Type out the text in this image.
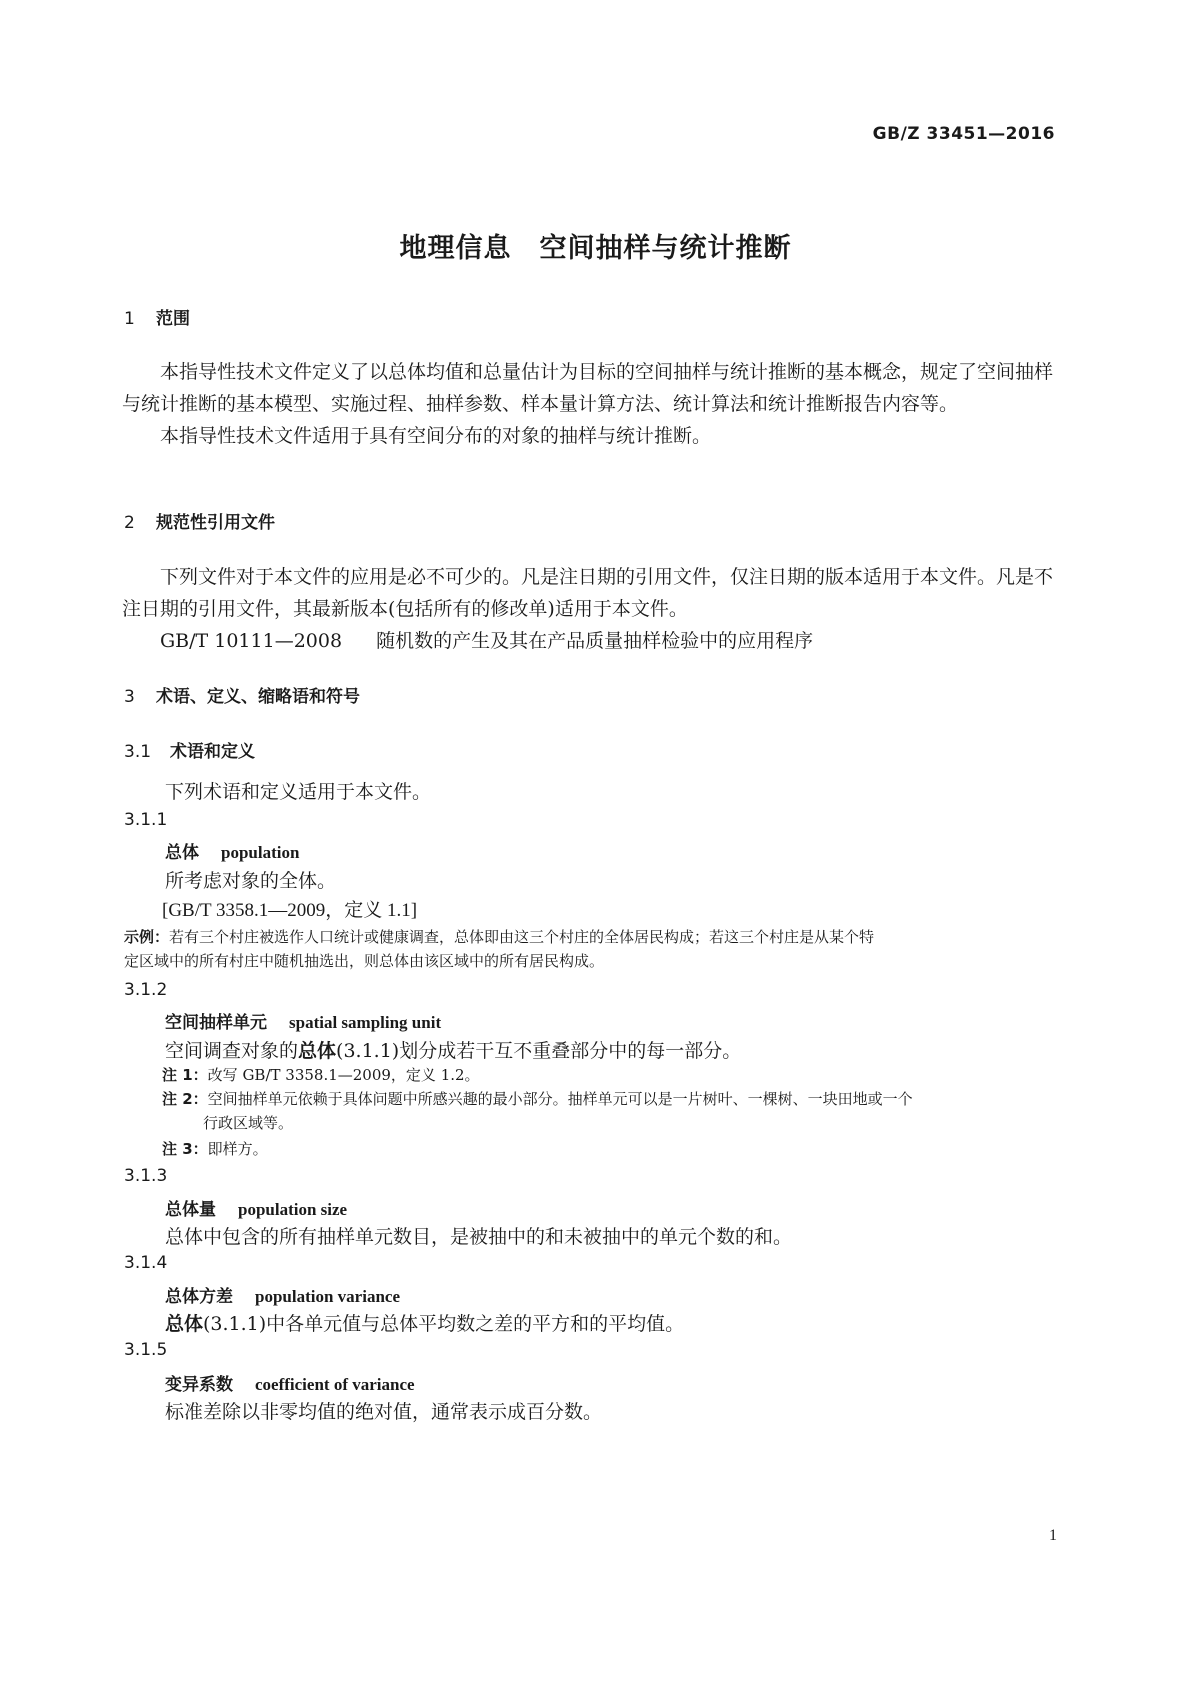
GB/Z 33451—2016
地理信息　空间抽样与统计推断
1 范围

本指导性技术文件定义了以总体均值和总量估计为目标的空间抽样与统计推断的基本概念，规定了空间抽样与统计推断的基本模型、实施过程、抽样参数、样本量计算方法、统计算法和统计推断报告内容等。

本指导性技术文件适用于具有空间分布的对象的抽样与统计推断。

2 规范性引用文件

下列文件对于本文件的应用是必不可少的。凡是注日期的引用文件，仅注日期的版本适用于本文件。凡是不注日期的引用文件，其最新版本(包括所有的修改单)适用于本文件。

GB/T 10111—2008 随机数的产生及其在产品质量抽样检验中的应用程序

3 术语、定义、缩略语和符号
3.1 术语和定义
下列术语和定义适用于本文件。
3.1.1
总体 population
所考虑对象的全体。
[GB/T 3358.1—2009，定义 1.1]
示例：若有三个村庄被选作人口统计或健康调查，总体即由这三个村庄的全体居民构成；若这三个村庄是从某个特
定区域中的所有村庄中随机抽选出，则总体由该区域中的所有居民构成。
3.1.2
空间抽样单元 spatial sampling unit
空间调查对象的总体(3.1.1)划分成若干互不重叠部分中的每一部分。
注 1：改写 GB/T 3358.1—2009，定义 1.2。
注 2：空间抽样单元依赖于具体问题中所感兴趣的最小部分。抽样单元可以是一片树叶、一棵树、一块田地或一个
行政区域等。
注 3：即样方。
3.1.3
总体量 population size
总体中包含的所有抽样单元数目，是被抽中的和未被抽中的单元个数的和。
3.1.4
总体方差 population variance
总体(3.1.1)中各单元值与总体平均数之差的平方和的平均值。
3.1.5
变异系数 coefficient of variance
标准差除以非零均值的绝对值，通常表示成百分数。
1
